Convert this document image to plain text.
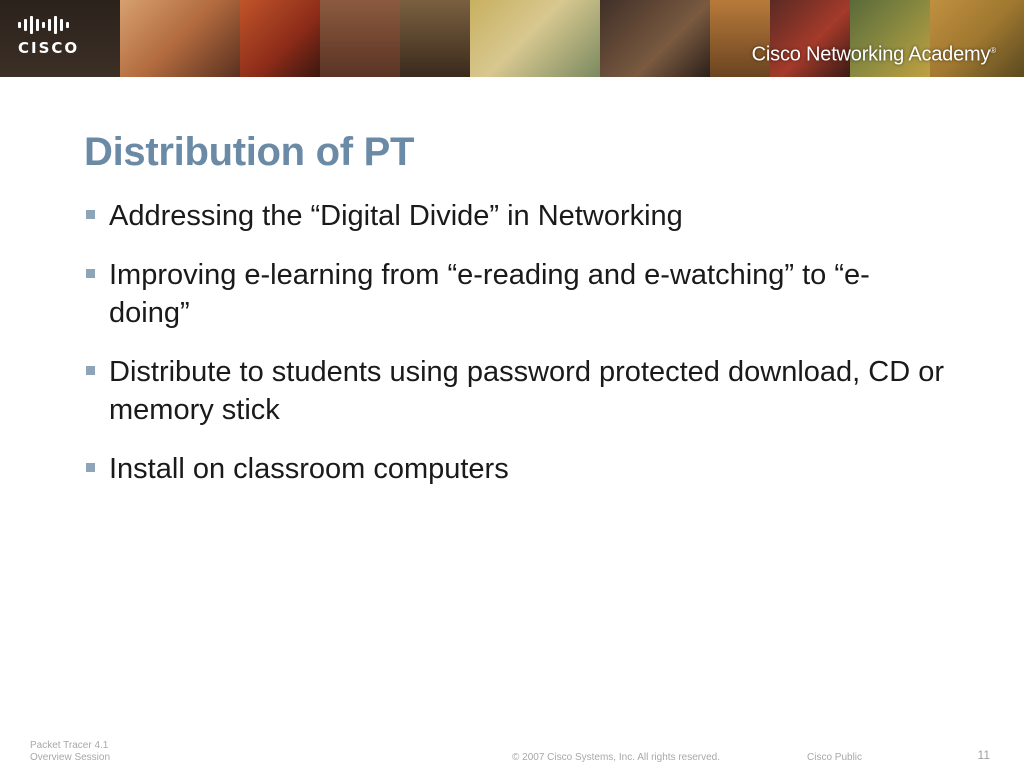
CISCO	Cisco Networking Academy®
Distribution of PT
Addressing the “Digital Divide” in Networking
Improving e-learning from “e-reading and e-watching” to “e-doing”
Distribute to students using password protected download, CD or memory stick
Install on classroom computers
Packet Tracer 4.1
Overview Session	© 2007 Cisco Systems, Inc. All rights reserved.	Cisco Public	11
